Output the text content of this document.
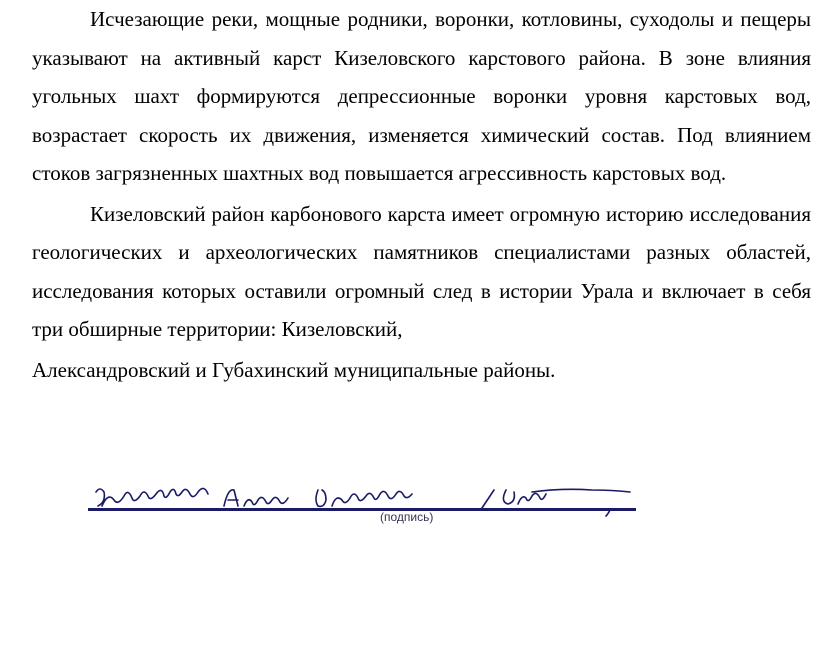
Исчезающие реки, мощные родники, воронки, котловины, суходолы и пещеры указывают на активный карст Кизеловского карстового района. В зоне влияния угольных шахт формируются депрессионные воронки уровня карстовых вод, возрастает скорость их движения, изменяется химический состав. Под влиянием стоков загрязненных шахтных вод повышается агрессивность карстовых вод.

Кизеловский район карбонового карста имеет огромную историю исследования геологических и археологических памятников специалистами разных областей, исследования которых оставили огромный след в истории Урала и включает в себя три обширные территории: Кизеловский,

Александровский и Губахинский муниципальные районы.

(подпись)
